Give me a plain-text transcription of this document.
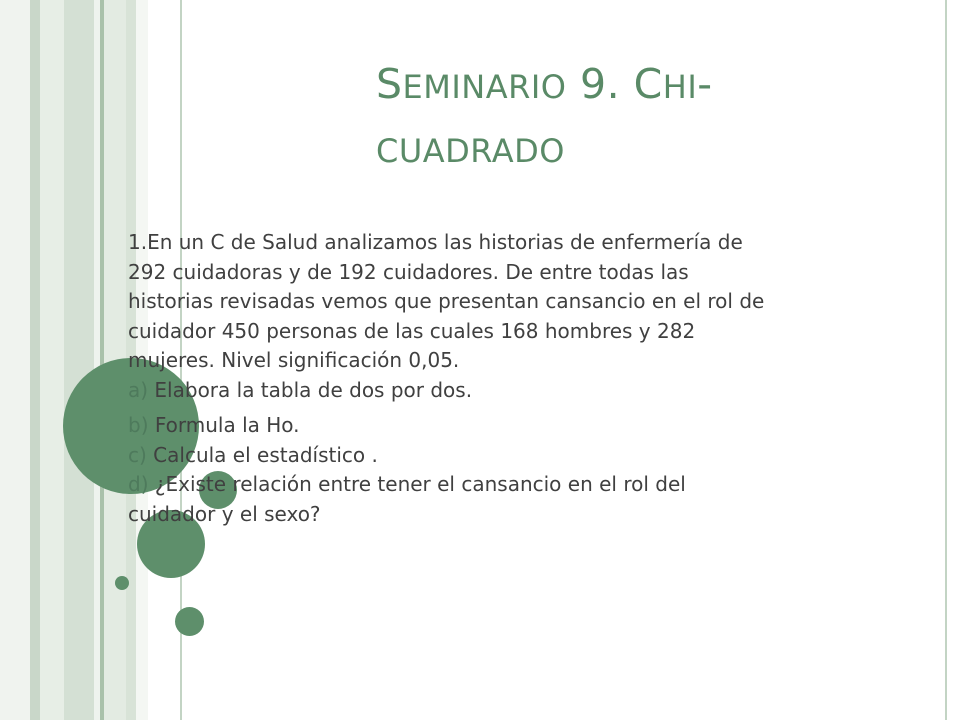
SEMINARIO 9. CHI-
CUADRADO
1.En un C de Salud analizamos las historias de enfermería de
292 cuidadoras y de 192 cuidadores. De entre todas las
historias revisadas vemos que presentan cansancio en el rol de
cuidador 450 personas de las cuales 168 hombres y 282
mujeres. Nivel significación 0,05.
a) Elabora la tabla de dos por dos.
b) Formula la Ho.
c) Calcula el estadístico .
d) ¿Existe relación entre tener el cansancio en el rol del
cuidador y el sexo?
